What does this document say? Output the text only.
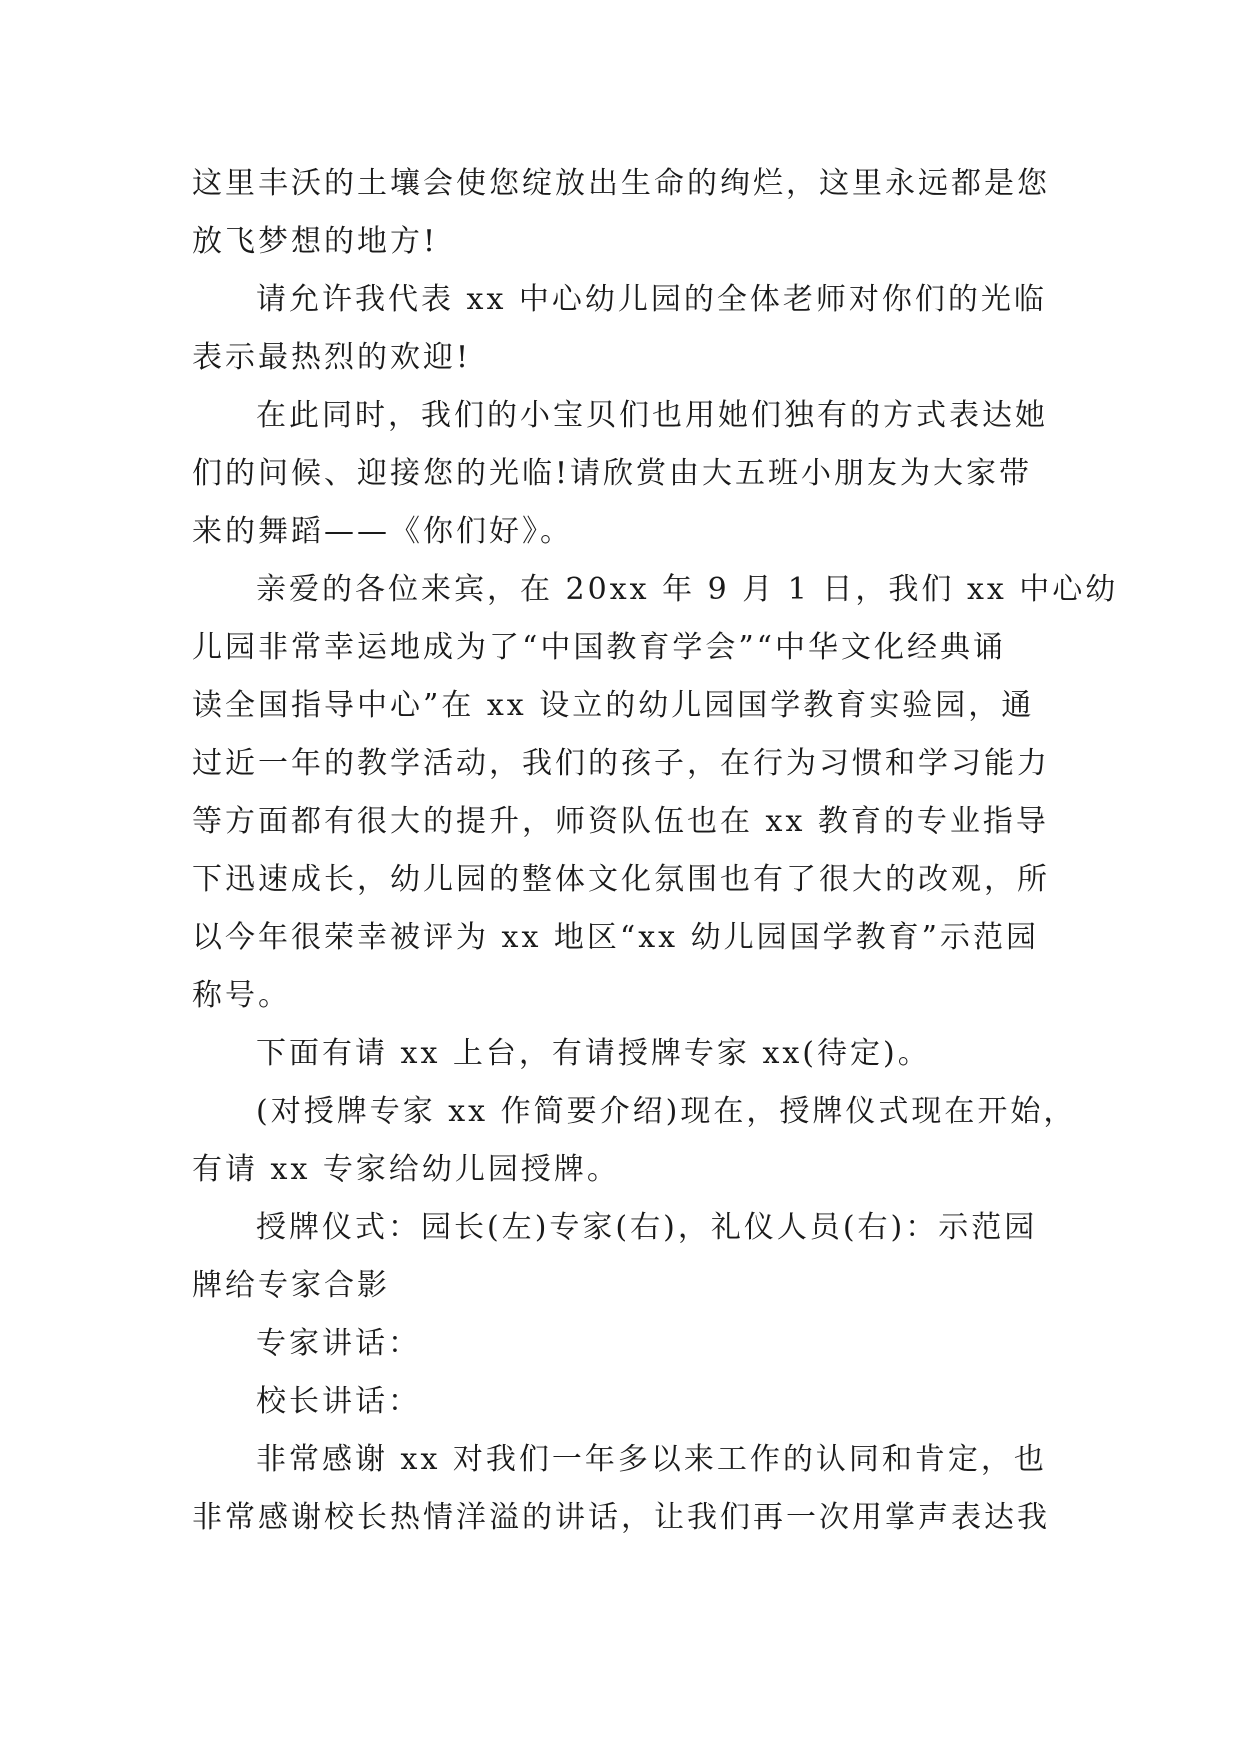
这里丰沃的土壤会使您绽放出生命的绚烂，这里永远都是您
放飞梦想的地方!
请允许我代表 xx 中心幼儿园的全体老师对你们的光临
表示最热烈的欢迎!
在此同时，我们的小宝贝们也用她们独有的方式表达她
们的问候、迎接您的光临!请欣赏由大五班小朋友为大家带
来的舞蹈——《你们好》。
亲爱的各位来宾，在 20xx 年 9 月 1 日，我们 xx 中心幼
儿园非常幸运地成为了“中国教育学会”“中华文化经典诵
读全国指导中心”在 xx 设立的幼儿园国学教育实验园，通
过近一年的教学活动，我们的孩子，在行为习惯和学习能力
等方面都有很大的提升，师资队伍也在 xx 教育的专业指导
下迅速成长，幼儿园的整体文化氛围也有了很大的改观，所
以今年很荣幸被评为 xx 地区“xx 幼儿园国学教育”示范园
称号。
下面有请 xx 上台，有请授牌专家 xx(待定)。
(对授牌专家 xx 作简要介绍)现在，授牌仪式现在开始，
有请 xx 专家给幼儿园授牌。
授牌仪式：园长(左)专家(右)，礼仪人员(右)：示范园
牌给专家合影
专家讲话：
校长讲话：
非常感谢 xx 对我们一年多以来工作的认同和肯定，也
非常感谢校长热情洋溢的讲话，让我们再一次用掌声表达我
